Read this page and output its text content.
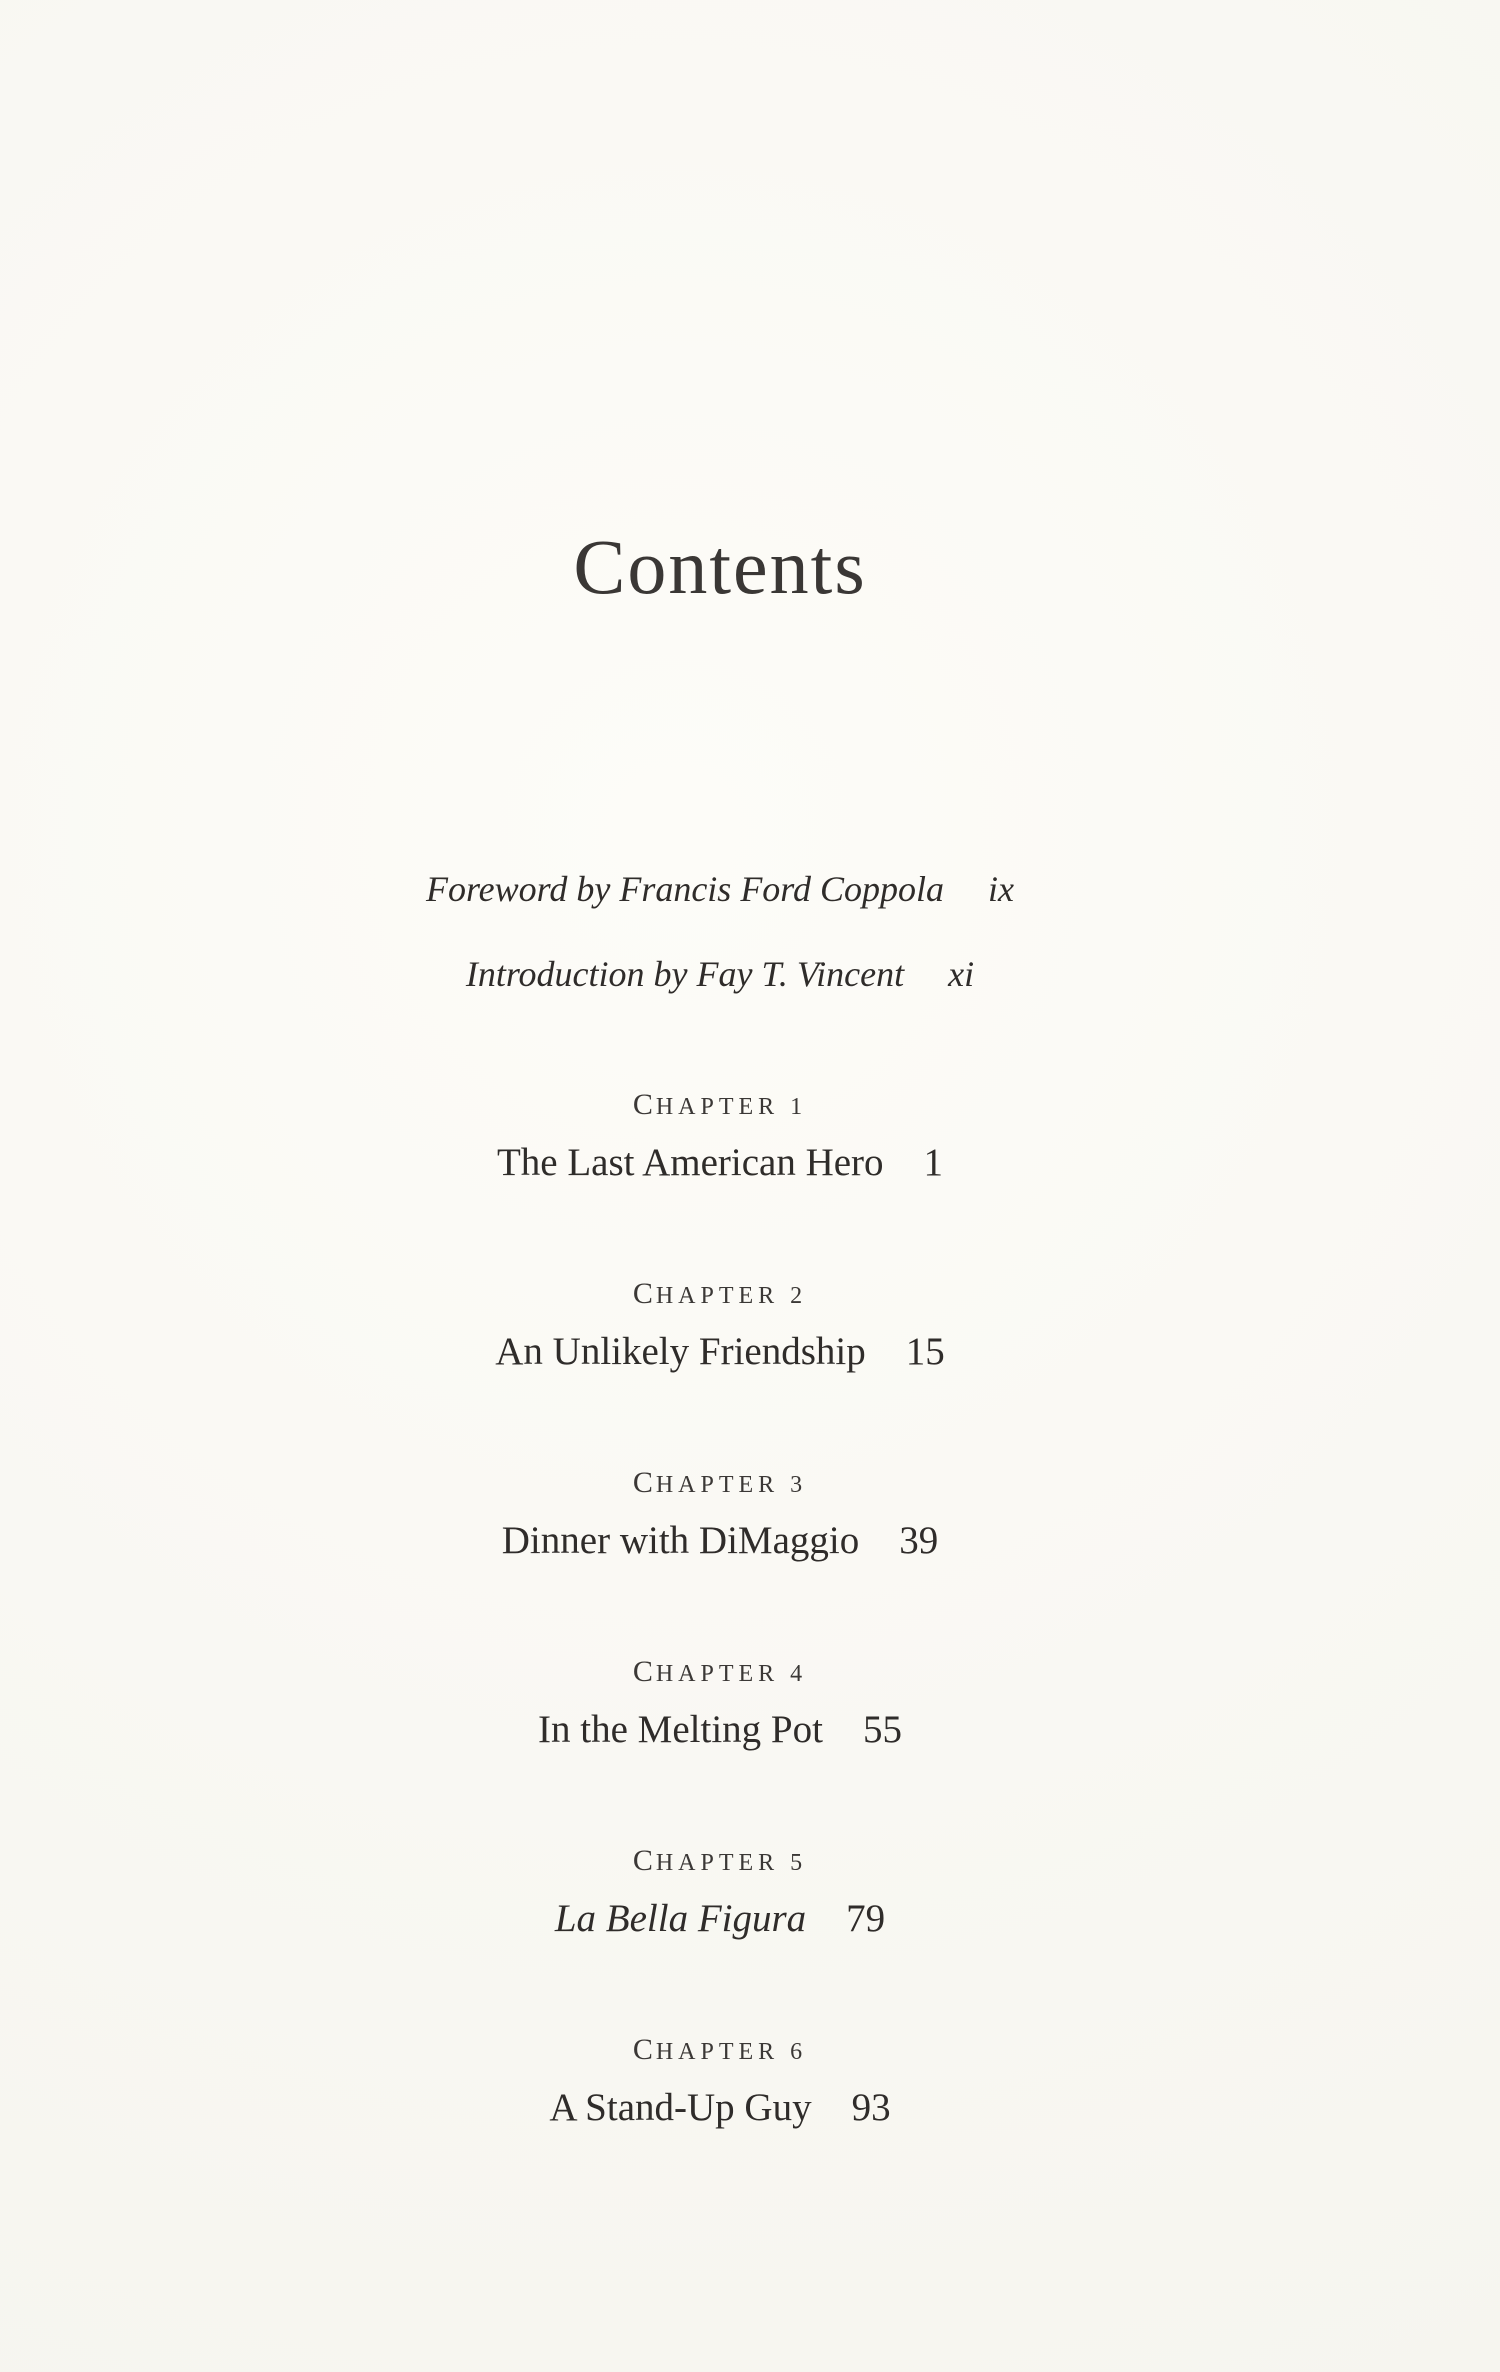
Contents
Foreword by Francis Ford Coppola ix
Introduction by Fay T. Vincent xi
CHAPTER 1
The Last American Hero 1
CHAPTER 2
An Unlikely Friendship 15
CHAPTER 3
Dinner with DiMaggio 39
CHAPTER 4
In the Melting Pot 55
CHAPTER 5
La Bella Figura 79
CHAPTER 6
A Stand-Up Guy 93
